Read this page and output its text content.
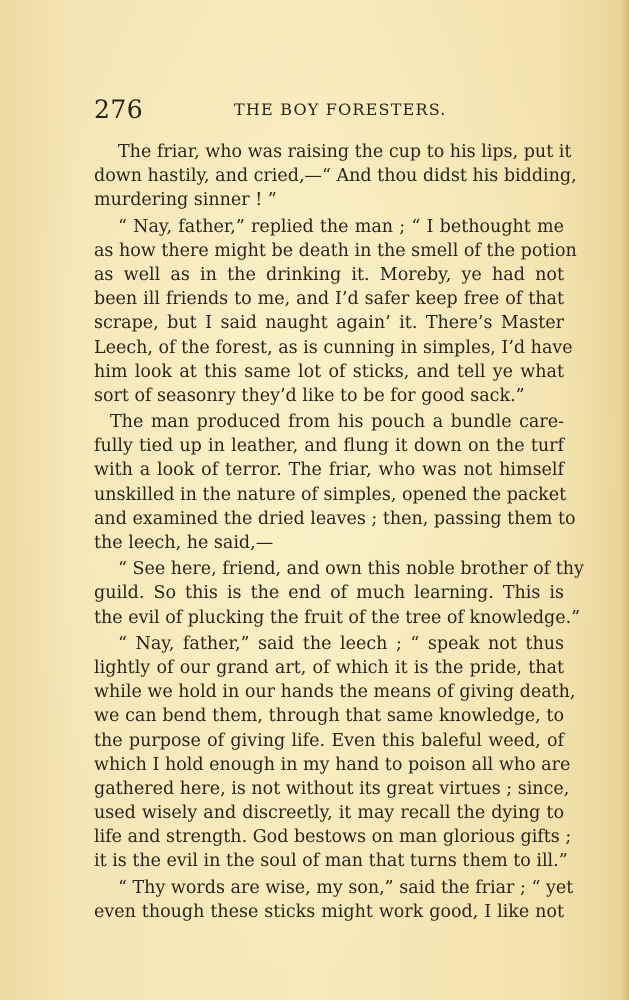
276	THE BOY FORESTERS.
The friar, who was raising the cup to his lips, put it
down hastily, and cried,—“ And thou didst his bidding,
murdering sinner ! ”
“ Nay, father,” replied the man ; “ I bethought me
as how there might be death in the smell of the potion
as well as in the drinking it. Moreby, ye had not
been ill friends to me, and I’d safer keep free of that
scrape, but I said naught again’ it. There’s Master
Leech, of the forest, as is cunning in simples, I’d have
him look at this same lot of sticks, and tell ye what
sort of seasonry they’d like to be for good sack.”
The man produced from his pouch a bundle care-
fully tied up in leather, and flung it down on the turf
with a look of terror. The friar, who was not himself
unskilled in the nature of simples, opened the packet
and examined the dried leaves ; then, passing them to
the leech, he said,—
“ See here, friend, and own this noble brother of thy
guild. So this is the end of much learning. This is
the evil of plucking the fruit of the tree of knowledge.”
“ Nay, father,” said the leech ; “ speak not thus
lightly of our grand art, of which it is the pride, that
while we hold in our hands the means of giving death,
we can bend them, through that same knowledge, to
the purpose of giving life. Even this baleful weed, of
which I hold enough in my hand to poison all who are
gathered here, is not without its great virtues ; since,
used wisely and discreetly, it may recall the dying to
life and strength. God bestows on man glorious gifts ;
it is the evil in the soul of man that turns them to ill.”
“ Thy words are wise, my son,” said the friar ; “ yet
even though these sticks might work good, I like not
